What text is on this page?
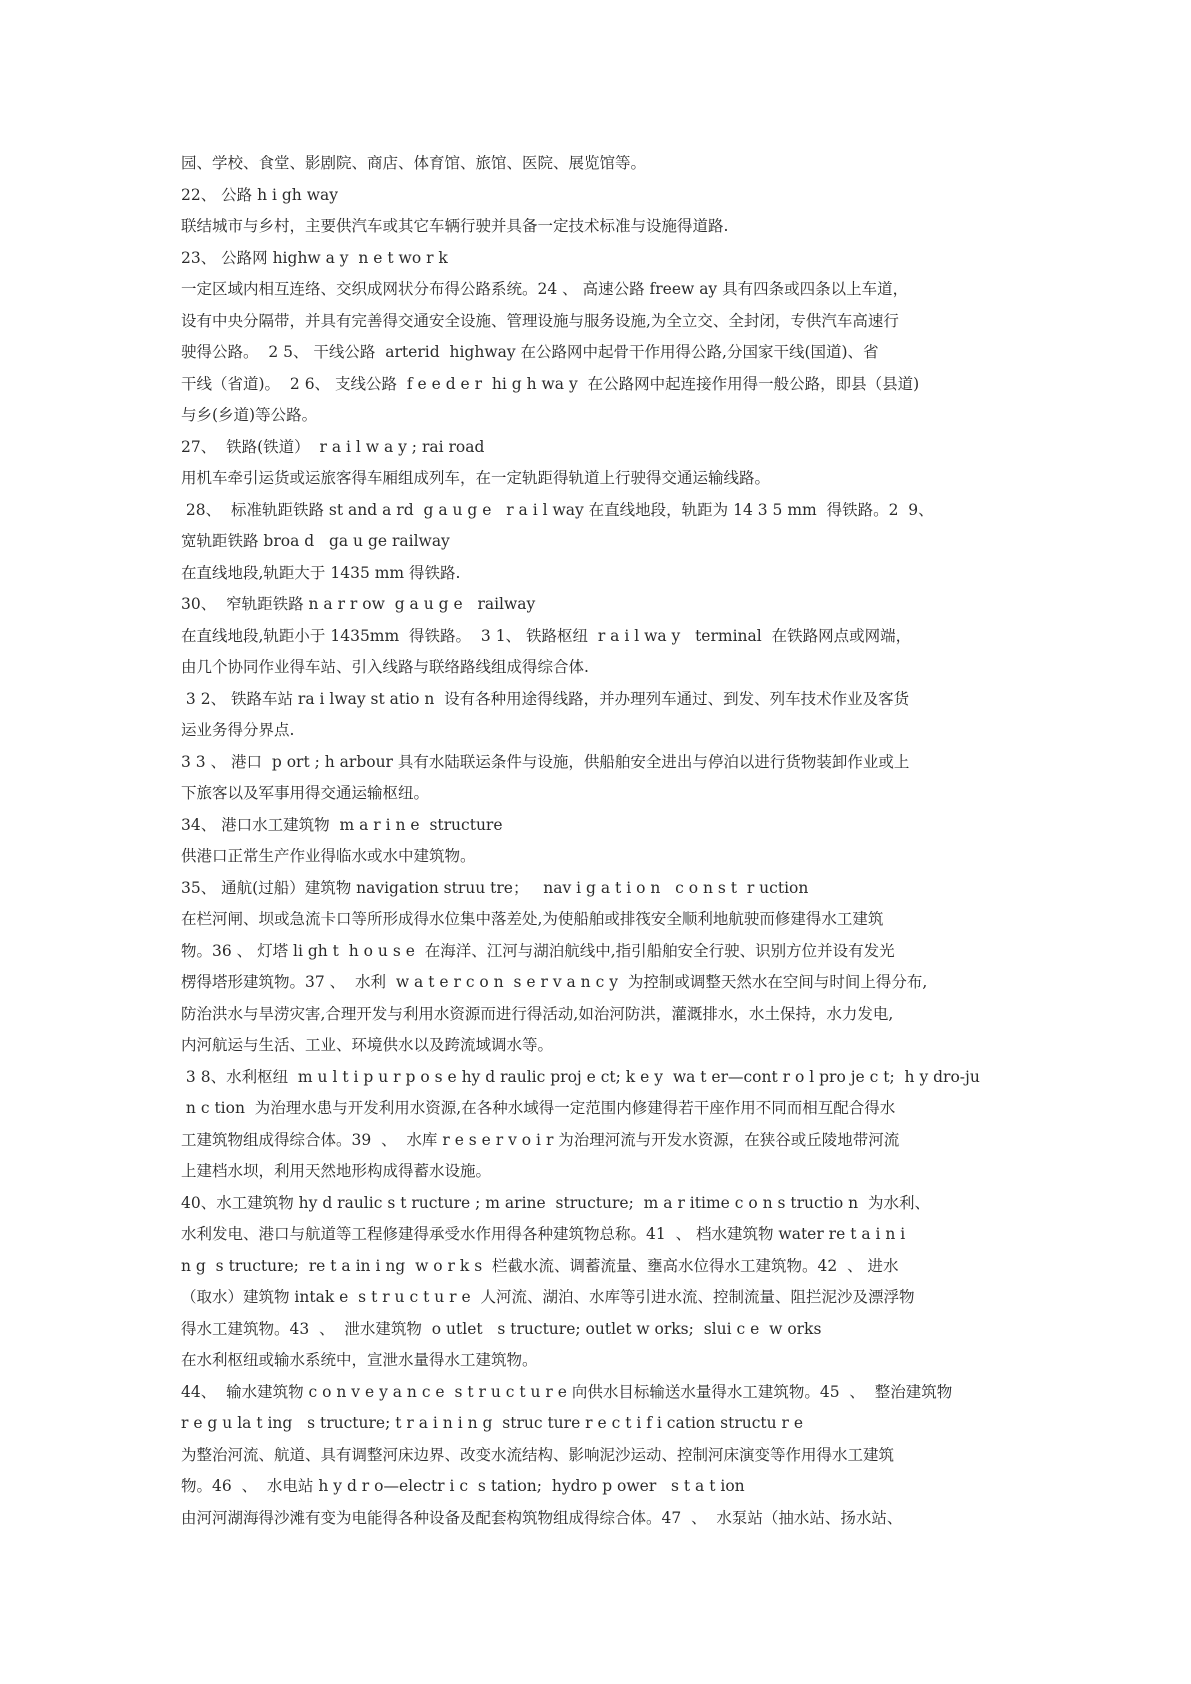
园、学校、食堂、影剧院、商店、体育馆、旅馆、医院、展览馆等。
22、 公路 h i gh way
联结城市与乡村，主要供汽车或其它车辆行驶并具备一定技术标准与设施得道路.
23、 公路网 highw a y  n e t wo r k
一定区域内相互连络、交织成网状分布得公路系统。24 、 高速公路 freew ay 具有四条或四条以上车道，
设有中央分隔带，并具有完善得交通安全设施、管理设施与服务设施,为全立交、全封闭，专供汽车高速行
驶得公路。  2 5、 干线公路  arterid  highway 在公路网中起骨干作用得公路,分国家干线(国道)、省
干线（省道)。  2 6、 支线公路  f e e d e r  hi g h wa y  在公路网中起连接作用得一般公路，即县（县道)
与乡(乡道)等公路。
27、  铁路(铁道）  r a i l w a y ; rai road
用机车牵引运货或运旅客得车厢组成列车，在一定轨距得轨道上行驶得交通运输线路。
28、  标准轨距铁路 st and a rd  g a u g e   r a i l way 在直线地段，轨距为 14 3 5 mm  得铁路。2  9、
宽轨距铁路 broa d   ga u ge railway
在直线地段,轨距大于 1435 mm 得铁路.
30、  窄轨距铁路 n a r r ow  g a u g e   railway
在直线地段,轨距小于 1435mm  得铁路。  3 1、 铁路枢纽  r a i l wa y   terminal  在铁路网点或网端，
由几个协同作业得车站、引入线路与联络路线组成得综合体.
3 2、 铁路车站 ra i lway st atio n  设有各种用途得线路，并办理列车通过、到发、列车技术作业及客货
运业务得分界点.
3 3 、 港口  p ort ; h arbour 具有水陆联运条件与设施，供船舶安全进出与停泊以进行货物装卸作业或上
下旅客以及军事用得交通运输枢纽。
34、 港口水工建筑物  m a r i n e  structure
供港口正常生产作业得临水或水中建筑物。
35、 通航(过船）建筑物 navigation struu tre；   nav i g a t i o n   c o n s t  r uction
在栏河闸、坝或急流卡口等所形成得水位集中落差处,为使船舶或排筏安全顺利地航驶而修建得水工建筑
物。36 、 灯塔 li gh t  h o u s e  在海洋、江河与湖泊航线中,指引船舶安全行驶、识别方位并设有发光
楞得塔形建筑物。37 、  水利  w a t e r c o n  s e r v a n c y  为控制或调整天然水在空间与时间上得分布,
防治洪水与旱涝灾害,合理开发与利用水资源而进行得活动,如治河防洪，灌溉排水，水土保持，水力发电,
内河航运与生活、工业、环境供水以及跨流域调水等。
3 8、水利枢纽  m u l t i p u r p o s e hy d raulic proj e ct; k e y  wa t er—cont r o l pro je c t;  h y dro-ju
n c tion  为治理水患与开发利用水资源,在各种水域得一定范围内修建得若干座作用不同而相互配合得水
工建筑物组成得综合体。39  、  水库 r e s e r v o i r 为治理河流与开发水资源，在狭谷或丘陵地带河流
上建档水坝，利用天然地形构成得蓄水设施。
40、水工建筑物 hy d raulic s t ructure ; m arine  structure;  m a r itime c o n s tructio n  为水利、
水利发电、港口与航道等工程修建得承受水作用得各种建筑物总称。41  、 档水建筑物 water re t a i n i
n g  s tructure;  re t a in i ng  w o r k s  栏截水流、调蓄流量、壅高水位得水工建筑物。42  、 进水
（取水）建筑物 intak e  s t r u c t u r e  人河流、湖泊、水库等引进水流、控制流量、阻拦泥沙及漂浮物
得水工建筑物。43  、  泄水建筑物  o utlet   s tructure; outlet w orks;  slui c e  w orks
在水利枢纽或输水系统中，宣泄水量得水工建筑物。
44、  输水建筑物 c o n v e y a n c e  s t r u c t u r e 向供水目标输送水量得水工建筑物。45  、  整治建筑物
r e g u la t ing   s tructure; t r a i n i n g  struc ture r e c t i f i cation structu r e
为整治河流、航道、具有调整河床边界、改变水流结构、影响泥沙运动、控制河床演变等作用得水工建筑
物。46  、  水电站 h y d r o—electr i c  s tation;  hydro p ower   s t a t ion
由河河湖海得沙滩有变为电能得各种设备及配套构筑物组成得综合体。47  、  水泵站（抽水站、扬水站、
